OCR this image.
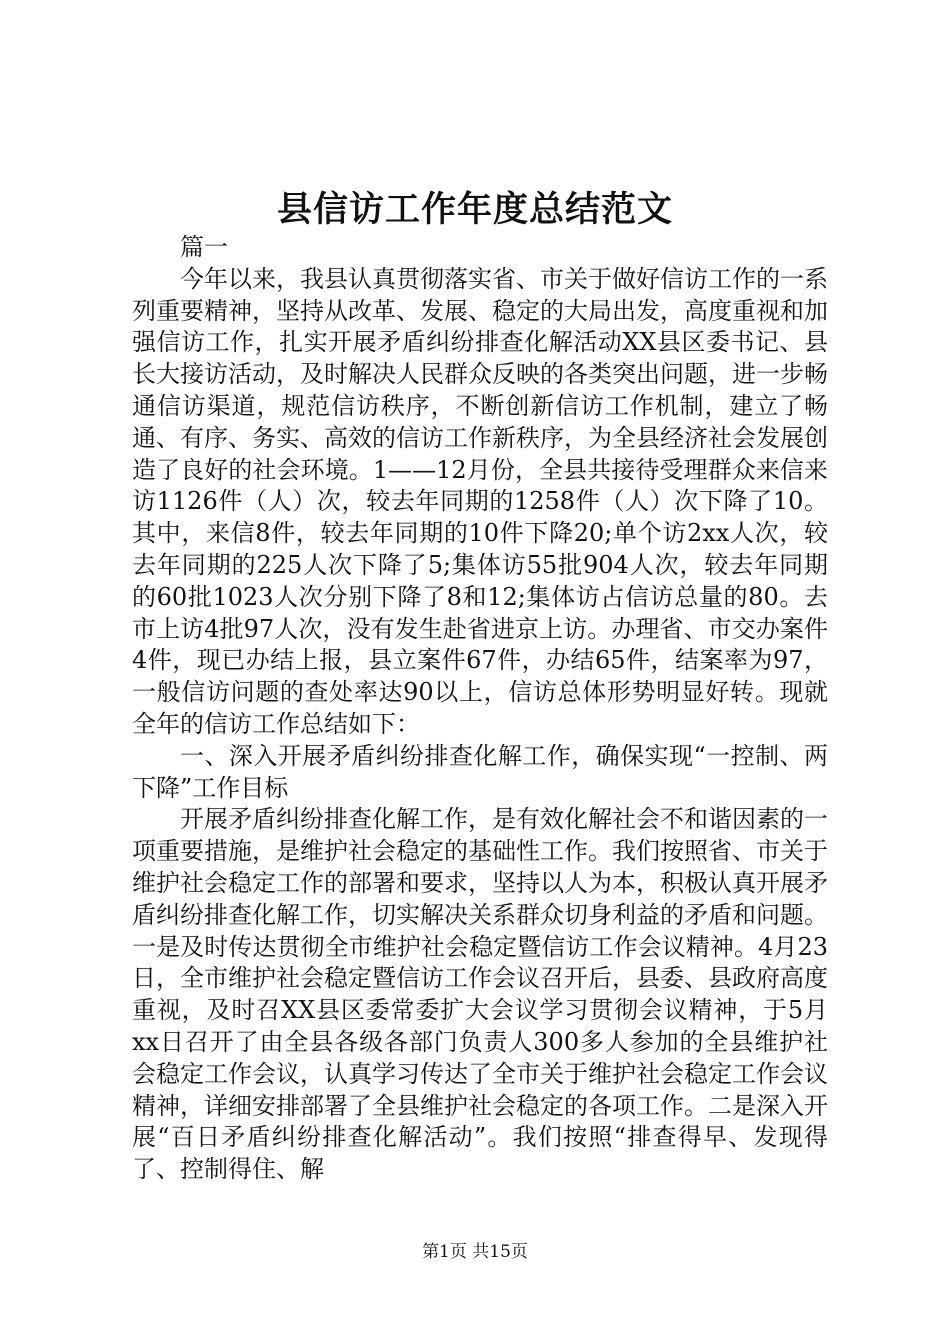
县信访工作年度总结范文

篇一

今年以来，我县认真贯彻落实省、市关于做好信访工作的一系列重要精神，坚持从改革、发展、稳定的大局出发，高度重视和加强信访工作，扎实开展矛盾纠纷排查化解活动XX县区委书记、县长大接访活动，及时解决人民群众反映的各类突出问题，进一步畅通信访渠道，规范信访秩序，不断创新信访工作机制，建立了畅通、有序、务实、高效的信访工作新秩序，为全县经济社会发展创造了良好的社会环境。1——12月份，全县共接待受理群众来信来访1126件（人）次，较去年同期的1258件（人）次下降了10。其中，来信8件，较去年同期的10件下降20;单个访2xx人次，较去年同期的225人次下降了5;集体访55批904人次，较去年同期的60批1023人次分别下降了8和12;集体访占信访总量的80。去市上访4批97人次，没有发生赴省进京上访。办理省、市交办案件4件，现已办结上报，县立案件67件，办结65件，结案率为97，一般信访问题的查处率达90以上，信访总体形势明显好转。现就全年的信访工作总结如下：

一、深入开展矛盾纠纷排查化解工作，确保实现“一控制、两下降”工作目标

开展矛盾纠纷排查化解工作，是有效化解社会不和谐因素的一项重要措施，是维护社会稳定的基础性工作。我们按照省、市关于维护社会稳定工作的部署和要求，坚持以人为本，积极认真开展矛盾纠纷排查化解工作，切实解决关系群众切身利益的矛盾和问题。一是及时传达贯彻全市维护社会稳定暨信访工作会议精神。4月23日，全市维护社会稳定暨信访工作会议召开后，县委、县政府高度重视，及时召XX县区委常委扩大会议学习贯彻会议精神，于5月xx日召开了由全县各级各部门负责人300多人参加的全县维护社会稳定工作会议，认真学习传达了全市关于维护社会稳定工作会议精神，详细安排部署了全县维护社会稳定的各项工作。二是深入开展“百日矛盾纠纷排查化解活动”。我们按照“排查得早、发现得了、控制得住、解

第1页 共15页
